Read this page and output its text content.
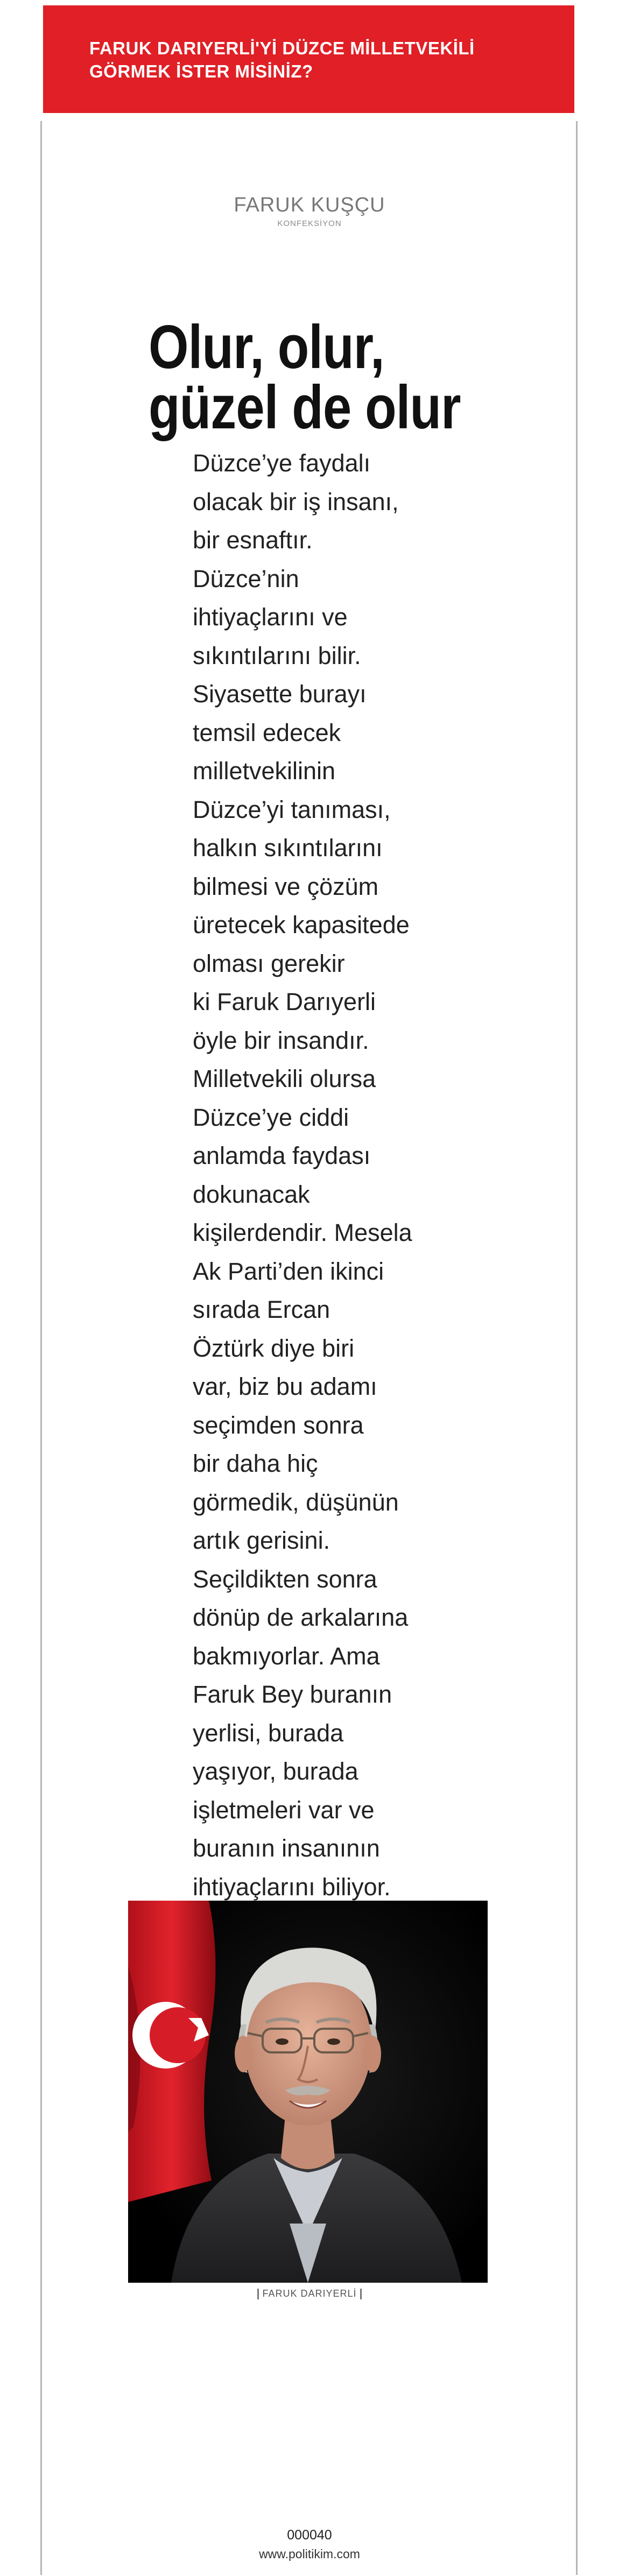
FARUK DARIYERLİ'Yİ DÜZCE MİLLETVEKİLİ
GÖRMEK İSTER MİSİNİZ?
FARUK KUŞÇU
KONFEKSİYON
Olur, olur,
güzel de olur
Düzce’ye faydalı
olacak bir iş insanı,
bir esnaftır.
Düzce’nin
ihtiyaçlarını ve
sıkıntılarını bilir.
Siyasette burayı
temsil edecek
milletvekilinin
Düzce’yi tanıması,
halkın sıkıntılarını
bilmesi ve çözüm
üretecek kapasitede
olması gerekir
ki Faruk Darıyerli
öyle bir insandır.
Milletvekili olursa
Düzce’ye ciddi
anlamda faydası
dokunacak
kişilerdendir. Mesela
Ak Parti’den ikinci
sırada Ercan
Öztürk diye biri
var, biz bu adamı
seçimden sonra
bir daha hiç
görmedik, düşünün
artık gerisini.
Seçildikten sonra
dönüp de arkalarına
bakmıyorlar. Ama
Faruk Bey buranın
yerlisi, burada
yaşıyor, burada
işletmeleri var ve
buranın insanının
ihtiyaçlarını biliyor.
FARUK DARIYERLİ
000040
www.politikim.com
